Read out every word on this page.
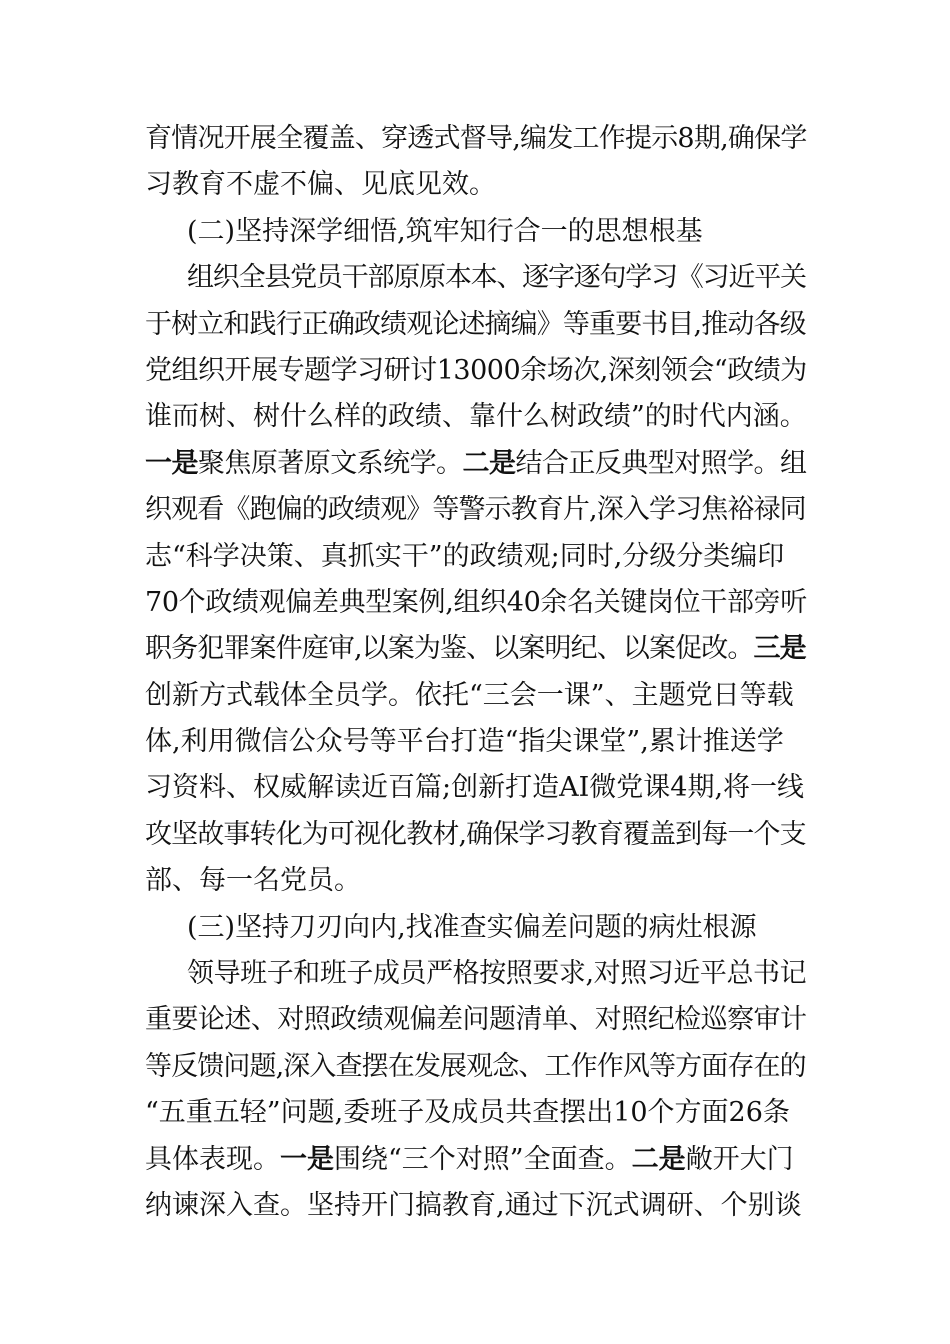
育情况开展全覆盖、穿透式督导,编发工作提示8期,确保学
习教育不虚不偏、见底见效。
(二)坚持深学细悟,筑牢知行合一的思想根基
组织全县党员干部原原本本、逐字逐句学习《习近平关
于树立和践行正确政绩观论述摘编》等重要书目,推动各级
党组织开展专题学习研讨13000余场次,深刻领会“政绩为
谁而树、树什么样的政绩、靠什么树政绩”的时代内涵。
一是 聚焦原著原文系统学。 二是 结合正反典型对照学。组
织观看《跑偏的政绩观》等警示教育片,深入学习焦裕禄同
志“科学决策、真抓实干”的政绩观;同时,分级分类编印
70个政绩观偏差典型案例,组织40余名关键岗位干部旁听
职务犯罪案件庭审,以案为鉴、以案明纪、以案促改。 三是
创新方式载体全员学。依托“三会一课”、主题党日等载
体,利用微信公众号等平台打造“指尖课堂”,累计推送学
习资料、权威解读近百篇;创新打造AI微党课4期,将一线
攻坚故事转化为可视化教材,确保学习教育覆盖到每一个支
部、每一名党员。
(三)坚持刀刃向内,找准查实偏差问题的病灶根源
领导班子和班子成员严格按照要求,对照习近平总书记
重要论述、对照政绩观偏差问题清单、对照纪检巡察审计
等反馈问题,深入查摆在发展观念、工作作风等方面存在的
“五重五轻”问题,委班子及成员共查摆出10个方面26条
具体表现。 一是 围绕“三个对照”全面查。 二是 敞开大门
纳谏深入查。坚持开门搞教育,通过下沉式调研、个别谈
